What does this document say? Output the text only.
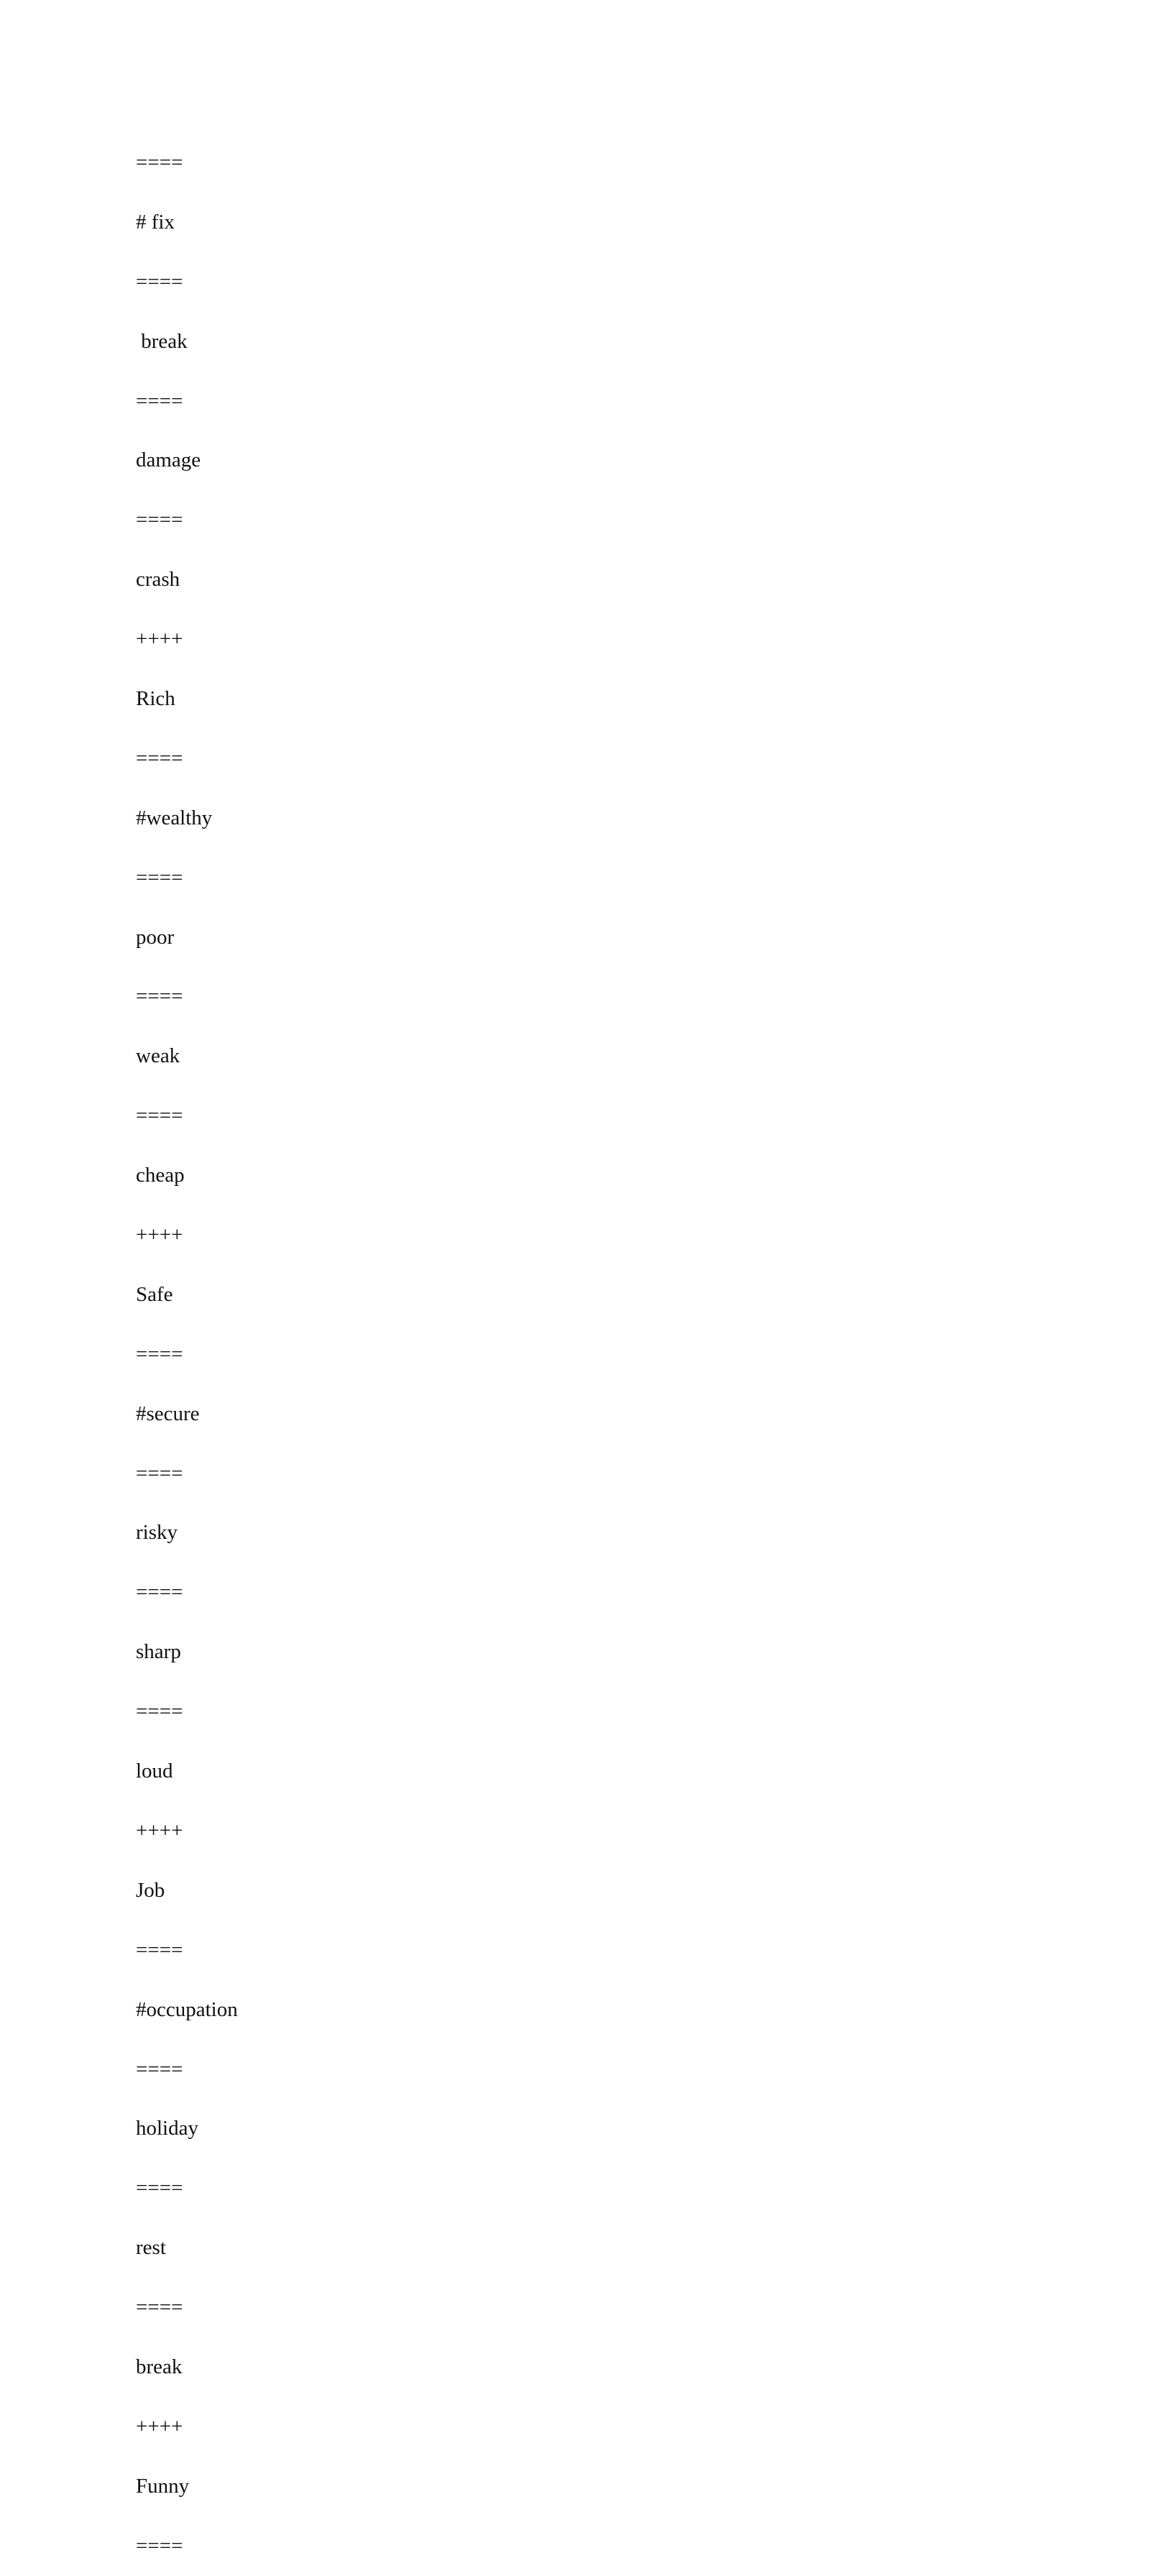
====
# fix
====
break
====
damage
====
crash
++++
Rich
====
#wealthy
====
poor
====
weak
====
cheap
++++
Safe
====
#secure
====
risky
====
sharp
====
loud
++++
Job
====
#occupation
====
holiday
====
rest
====
break
++++
Funny
====
